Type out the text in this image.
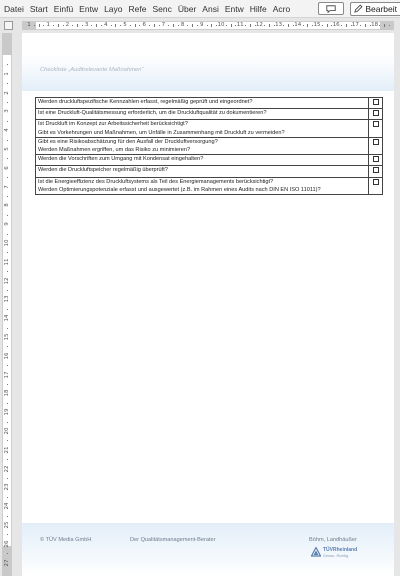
Datei Start Einfü Entw Layo Refe Senc Über Ansi Entw Hilfe Acro	Bearbeit
1	1	2	3	4	5	6	7	8	9	10 11 12 13 14 15 16 17 18
1
2
3
4
5
6
7
8
9
10
11
12
13
14
15
16
17
18
19
20
21
22
23
24
25
26
27
Checkliste „Auditrelevante Maßnahmen“
Werden druckluftspezifische Kennzahlen erfasst, regelmäßig geprüft und eingeordnet?	

Ist eine Druckluft-Qualitätsmessung erforderlich, um die Druckluftqualität zu dokumentieren?	

Ist Druckluft im Konzept zur Arbeitssicherheit berücksichtigt?
Gibt es Vorkehrungen und Maßnahmen, um Unfälle in Zusammenhang mit Druckluft zu vermeiden?	

Gibt es eine Risikoabschätzung für den Ausfall der Druckluftversorgung?
Werden Maßnahmen ergriffen, um das Risiko zu minimieren?	

Werden die Vorschriften zum Umgang mit Kondensat eingehalten?	

Werden die Druckluftspeicher regelmäßig überprüft?	

Ist die Energieeffizienz des Druckluftsystems als Teil des Energiemanagements berücksichtigt?
Werden Optimierungspotenziale erfasst und ausgewertet (z.B. im Rahmen eines Audits nach DIN EN ISO 11011)?	

© TÜV Media GmbH	Der Qualitätsmanagement-Berater	Böhm, Landhäußer
TÜVRheinland
Genau. Richtig.
